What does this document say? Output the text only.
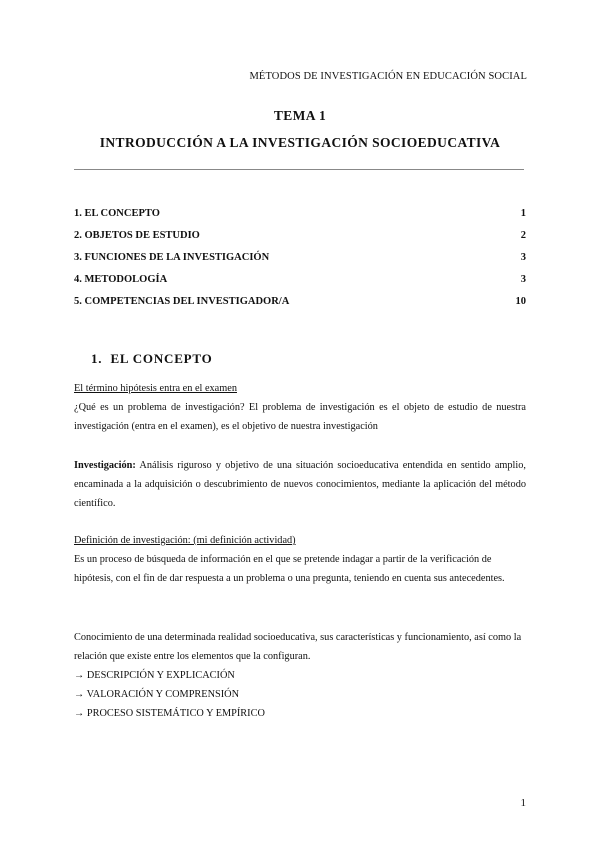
MÉTODOS DE INVESTIGACIÓN EN EDUCACIÓN SOCIAL
TEMA 1
INTRODUCCIÓN A LA INVESTIGACIÓN SOCIOEDUCATIVA
1. EL CONCEPTO	1
2. OBJETOS DE ESTUDIO	2
3. FUNCIONES DE LA INVESTIGACIÓN	3
4. METODOLOGÍA	3
5. COMPETENCIAS DEL INVESTIGADOR/A	10
1.  EL CONCEPTO
El término hipótesis entra en el examen
¿Qué es un problema de investigación? El problema de investigación es el objeto de estudio de nuestra investigación (entra en el examen), es el objetivo de nuestra investigación
Investigación: Análisis riguroso y objetivo de una situación socioeducativa entendida en sentido amplio, encaminada a la adquisición o descubrimiento de nuevos conocimientos, mediante la aplicación del método científico.
Definición de investigación: (mi definición actividad)
Es un proceso de búsqueda de información en el que se pretende indagar a partir de la verificación de hipótesis, con el fin de dar respuesta a un problema o una pregunta, teniendo en cuenta sus antecedentes.
Conocimiento de una determinada realidad socioeducativa, sus características y funcionamiento, así como la relación que existe entre los elementos que la configuran.
→ DESCRIPCIÓN Y EXPLICACIÓN
→ VALORACIÓN Y COMPRENSIÓN
→ PROCESO SISTEMÁTICO Y EMPÍRICO
1
